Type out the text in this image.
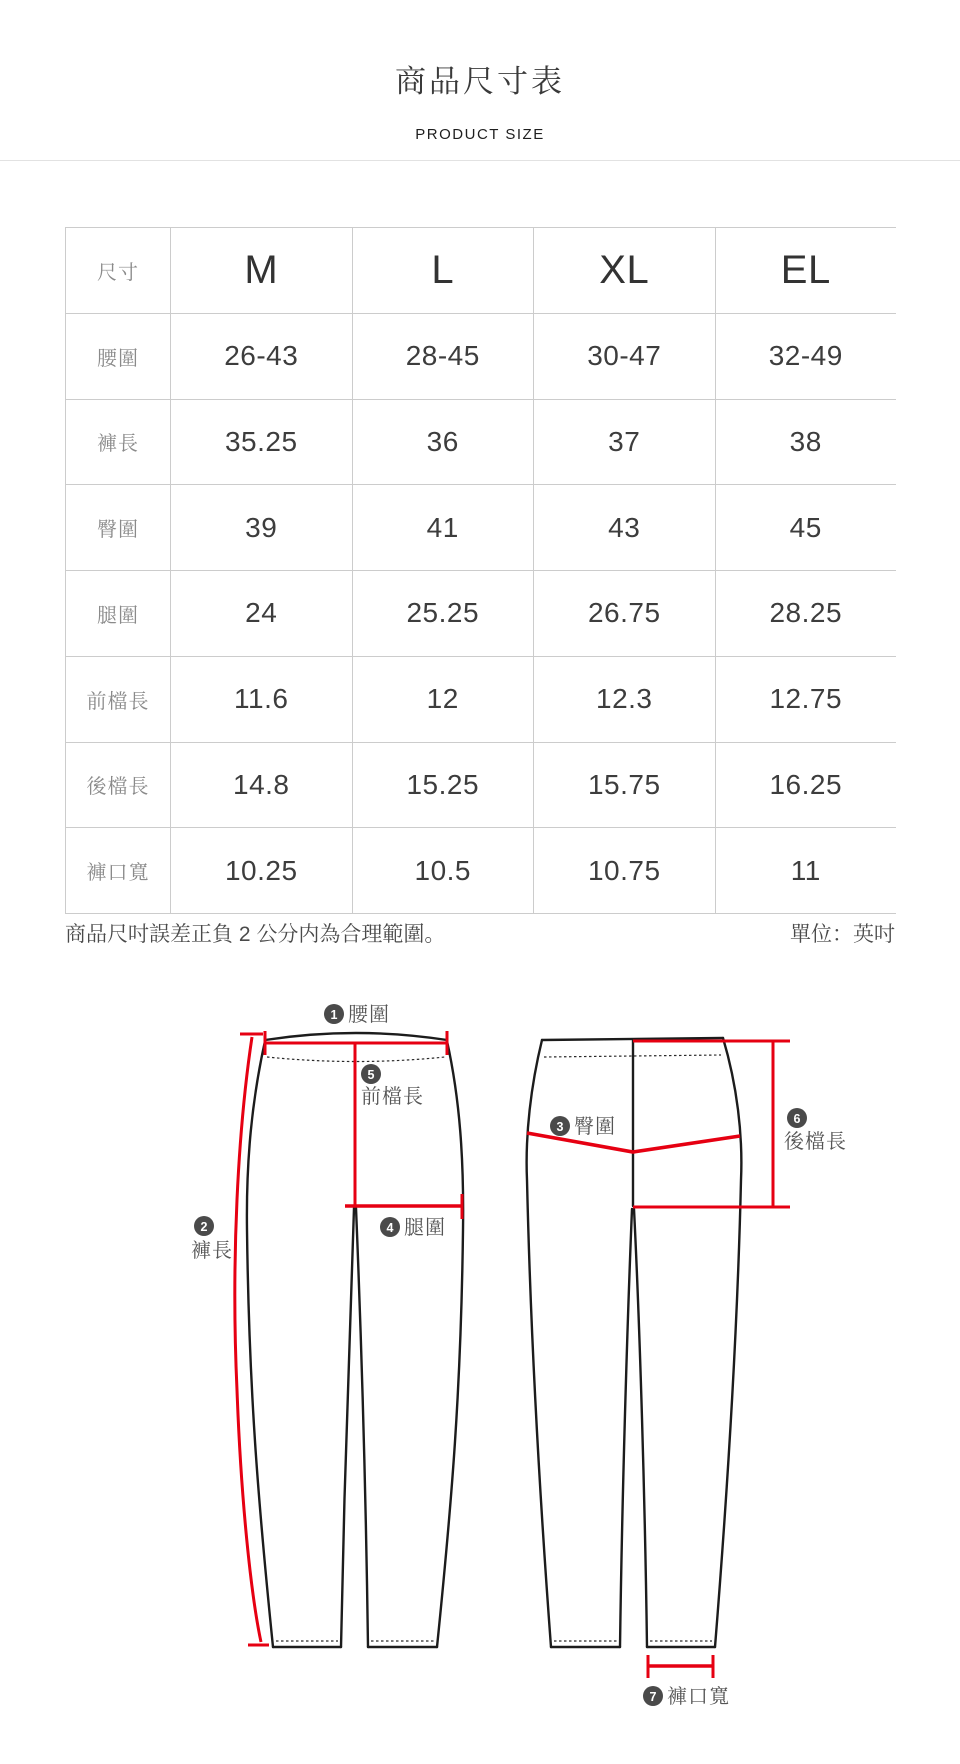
商品尺寸表
PRODUCT SIZE
尺寸	M	L	XL	EL
腰圍	26-43	28-45	30-47	32-49
褲長	35.25	36	37	38
臀圍	39	41	43	45
腿圍	24	25.25	26.75	28.25
前檔長	11.6	12	12.3	12.75
後檔長	14.8	15.25	15.75	16.25
褲口寬	10.25	10.5	10.75	11
商品尺吋誤差正負 2 公分内為合理範圍。	單位：英吋
1 腰圍
2
褲長
3 臀圍
4 腿圍
5
前檔長
6
後檔長
7 褲口寬
